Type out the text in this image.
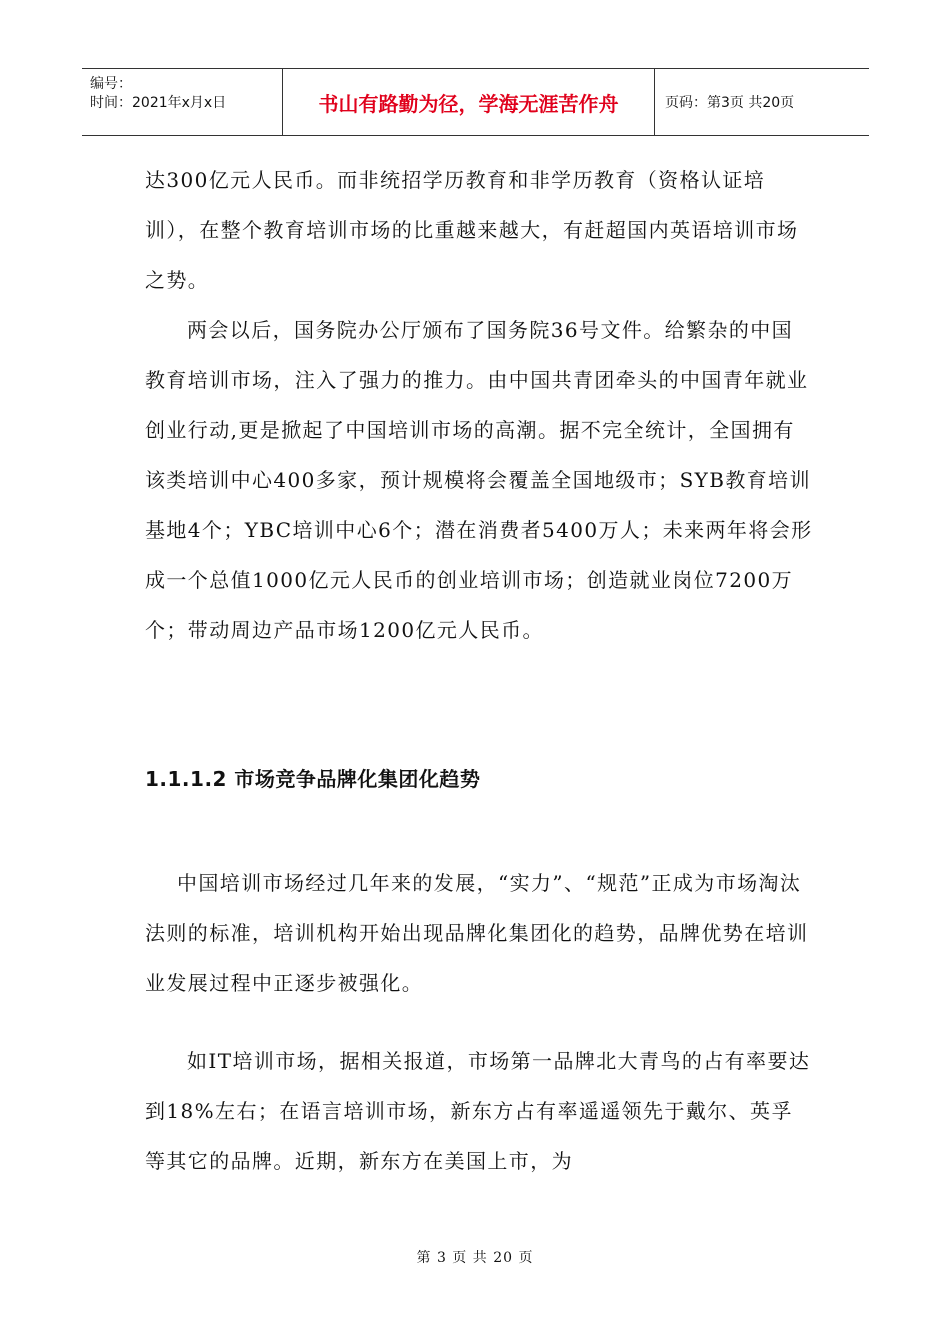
编号：
时间：2021年x月x日	书山有路勤为径，学海无涯苦作舟	页码：第3页 共20页

达300亿元人民币。而非统招学历教育和非学历教育（资格认证培训），在整个教育培训市场的比重越来越大，有赶超国内英语培训市场之势。

两会以后，国务院办公厅颁布了国务院36号文件。给繁杂的中国教育培训市场，注入了强力的推力。由中国共青团牵头的中国青年就业创业行动,更是掀起了中国培训市场的高潮。据不完全统计，全国拥有该类培训中心400多家，预计规模将会覆盖全国地级市；SYB教育培训基地4个；YBC培训中心6个；潜在消费者5400万人；未来两年将会形成一个总值1000亿元人民币的创业培训市场；创造就业岗位7200万个；带动周边产品市场1200亿元人民币。

1.1.1.2 市场竞争品牌化集团化趋势

中国培训市场经过几年来的发展，“实力”、“规范”正成为市场淘汰法则的标准，培训机构开始出现品牌化集团化的趋势，品牌优势在培训业发展过程中正逐步被强化。

如IT培训市场，据相关报道，市场第一品牌北大青鸟的占有率要达到18%左右；在语言培训市场，新东方占有率遥遥领先于戴尔、英孚等其它的品牌。近期，新东方在美国上市，为

第 3 页 共 20 页
